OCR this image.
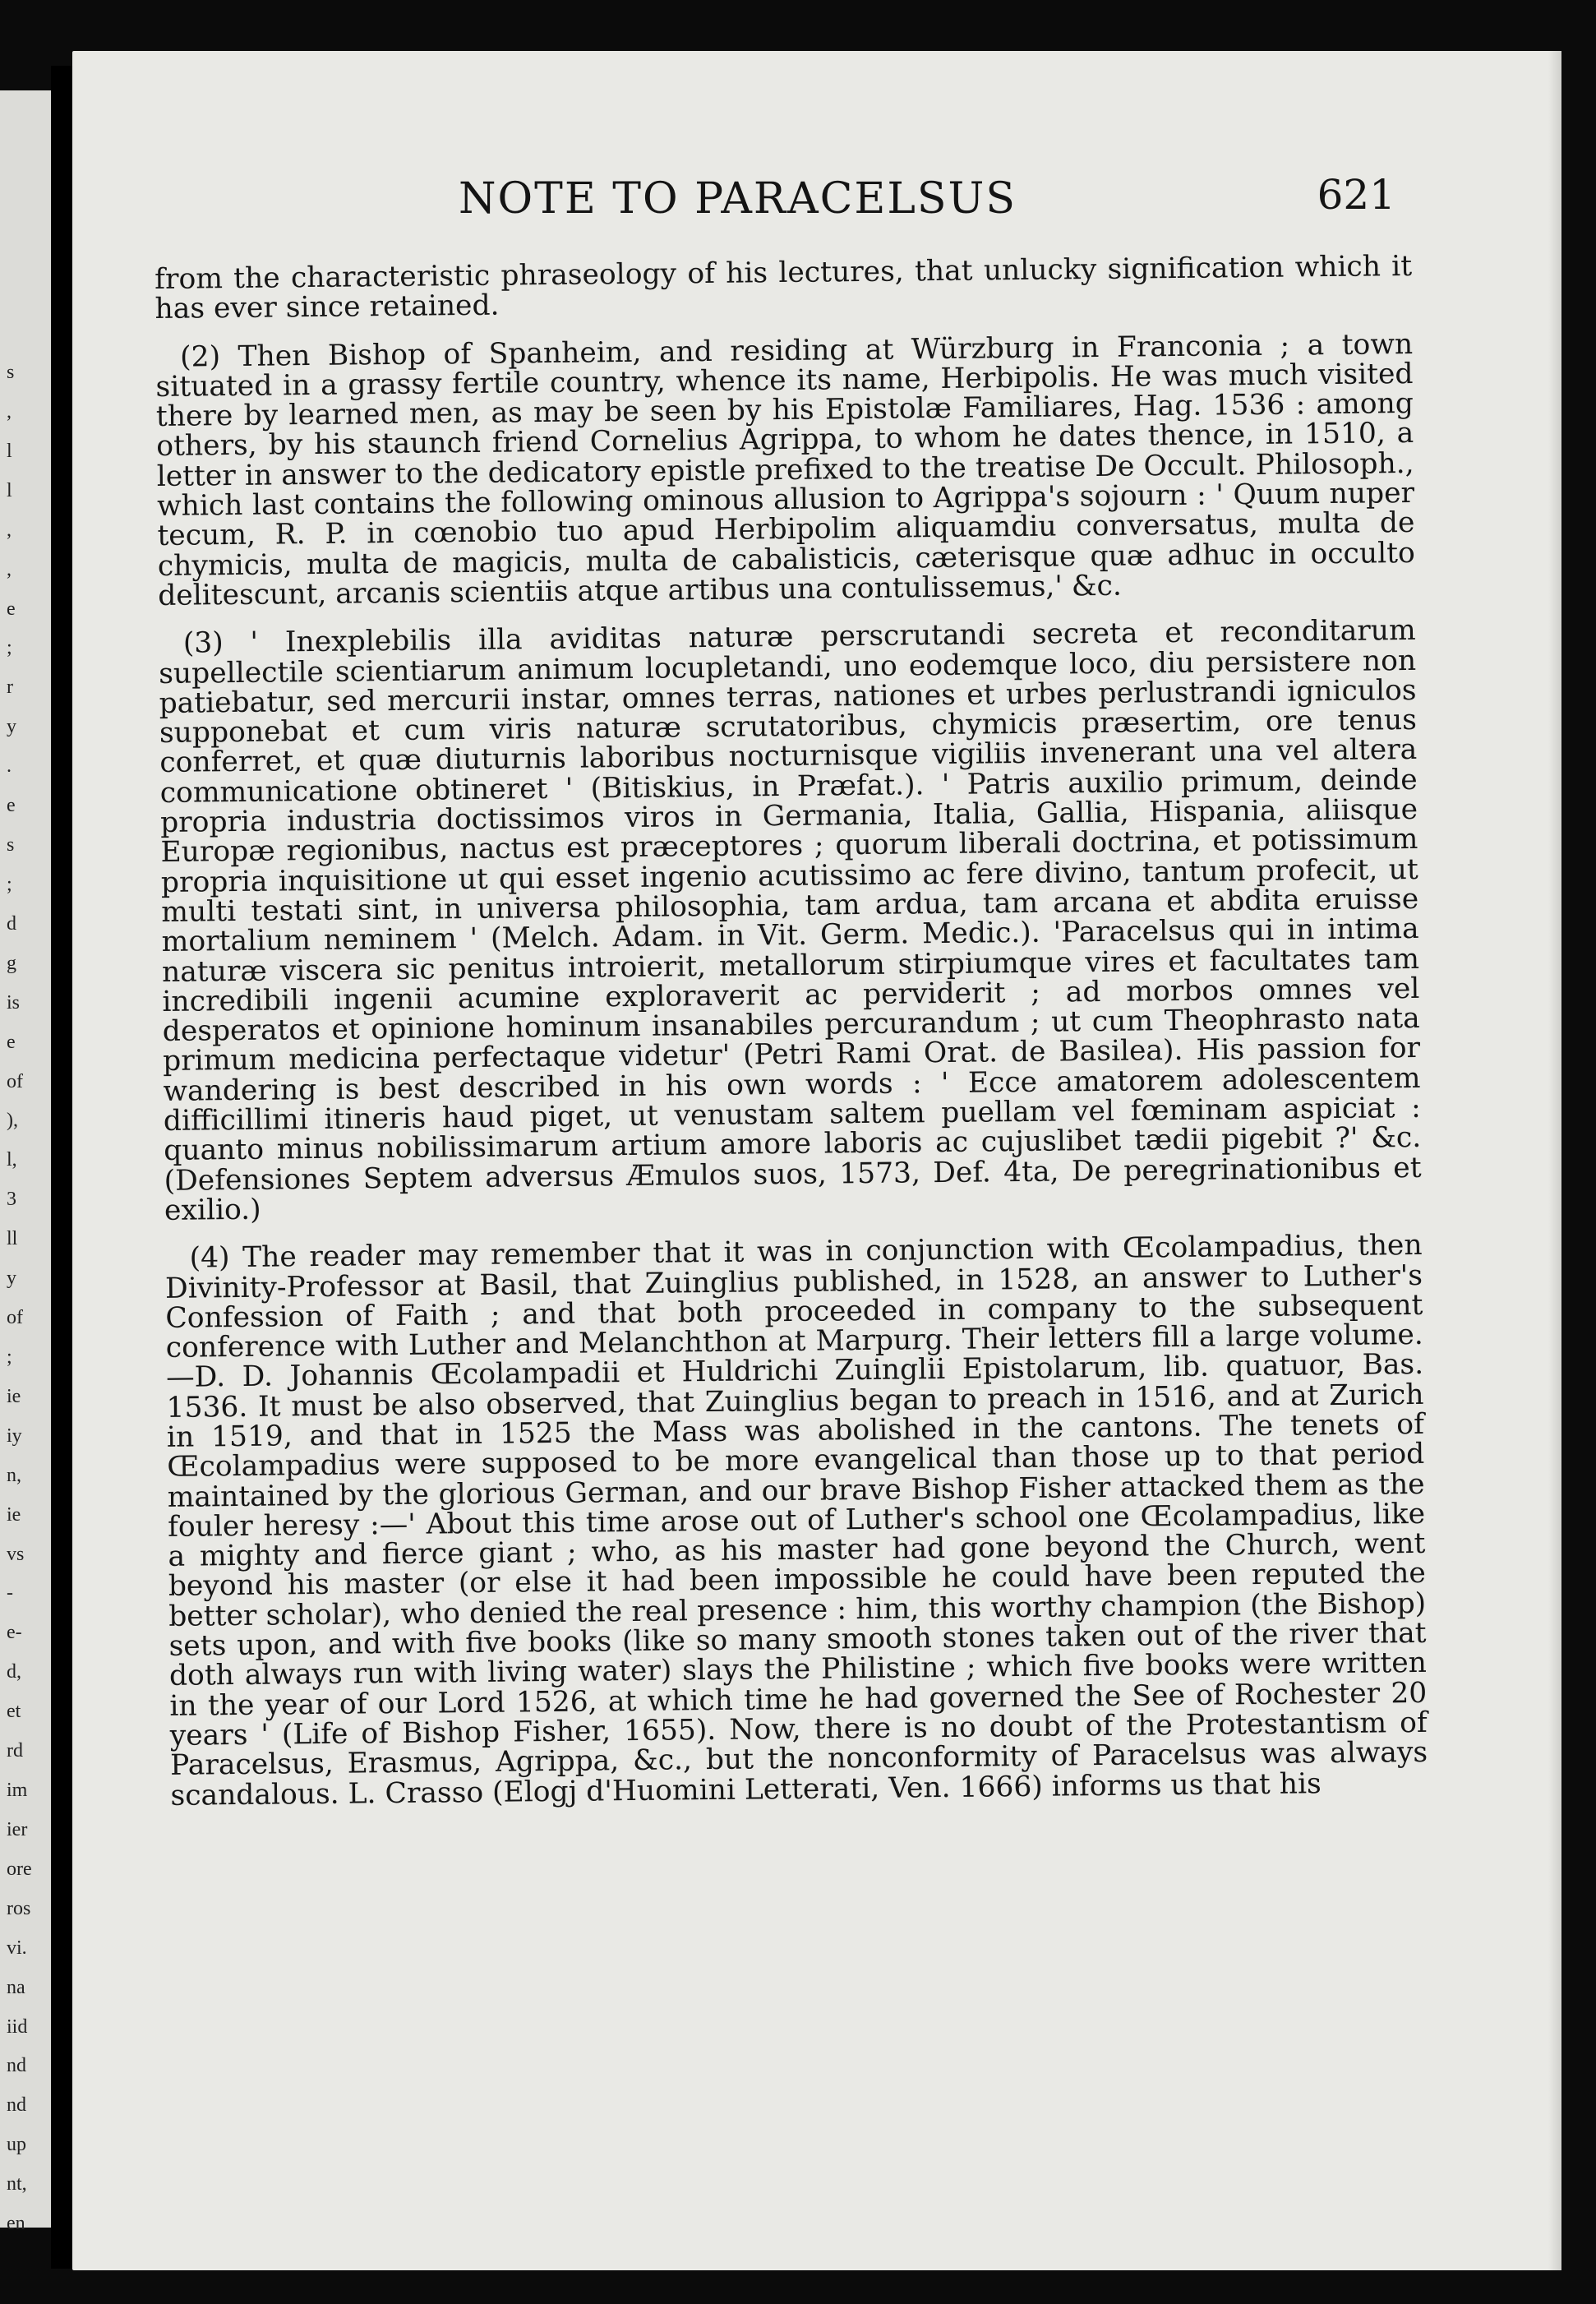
s
,
l
l
,
,
e
;
r
y
.
e
s
;
d
g
is
e
of
),
l,
3
ll
y
of
;
ie
iy
n,
ie
vs
-
e-
d,
et
rd
im
ier
ore
ros
vi.
na
iid
nd
nd
up
nt,
en
NOTE TO PARACELSUS	621

from the characteristic phraseology of his lectures, that unlucky signification which it has ever since retained.

(2) Then Bishop of Spanheim, and residing at Würzburg in Franconia ; a town situated in a grassy fertile country, whence its name, Herbipolis. He was much visited there by learned men, as may be seen by his Epistolæ Familiares, Hag. 1536 : among others, by his staunch friend Cornelius Agrippa, to whom he dates thence, in 1510, a letter in answer to the dedicatory epistle prefixed to the treatise De Occult. Philosoph., which last contains the following ominous allusion to Agrippa's sojourn : ' Quum nuper tecum, R. P. in cœnobio tuo apud Herbipolim aliquamdiu conversatus, multa de chymicis, multa de magicis, multa de cabalisticis, cæterisque quæ adhuc in occulto delitescunt, arcanis scientiis atque artibus una contulissemus,' &c.

(3) ' Inexplebilis illa aviditas naturæ perscrutandi secreta et reconditarum supellectile scientiarum animum locupletandi, uno eodemque loco, diu persistere non patiebatur, sed mercurii instar, omnes terras, nationes et urbes perlustrandi igniculos supponebat et cum viris naturæ scrutatoribus, chymicis præsertim, ore tenus conferret, et quæ diuturnis laboribus nocturnisque vigiliis invenerant una vel altera communicatione obtineret ' (Bitiskius, in Præfat.). ' Patris auxilio primum, deinde propria industria doctissimos viros in Germania, Italia, Gallia, Hispania, aliisque Europæ regionibus, nactus est præceptores ; quorum liberali doctrina, et potissimum propria inquisitione ut qui esset ingenio acutissimo ac fere divino, tantum profecit, ut multi testati sint, in universa philosophia, tam ardua, tam arcana et abdita eruisse mortalium neminem ' (Melch. Adam. in Vit. Germ. Medic.). 'Paracelsus qui in intima naturæ viscera sic penitus introierit, metallorum stirpiumque vires et facultates tam incredibili ingenii acumine exploraverit ac perviderit ; ad morbos omnes vel desperatos et opinione hominum insanabiles percurandum ; ut cum Theophrasto nata primum medicina perfectaque videtur' (Petri Rami Orat. de Basilea). His passion for wandering is best described in his own words : ' Ecce amatorem adolescentem difficillimi itineris haud piget, ut venustam saltem puellam vel fœminam aspiciat : quanto minus nobilissimarum artium amore laboris ac cujuslibet tædii pigebit ?' &c. (Defensiones Septem adversus Æmulos suos, 1573, Def. 4ta, De peregrinationibus et exilio.)

(4) The reader may remember that it was in conjunction with Œcolampadius, then Divinity-Professor at Basil, that Zuinglius published, in 1528, an answer to Luther's Confession of Faith ; and that both proceeded in company to the subsequent conference with Luther and Melanchthon at Marpurg. Their letters fill a large volume.—D. D. Johannis Œcolampadii et Huldrichi Zuinglii Epistolarum, lib. quatuor, Bas. 1536. It must be also observed, that Zuinglius began to preach in 1516, and at Zurich in 1519, and that in 1525 the Mass was abolished in the cantons. The tenets of Œcolampadius were supposed to be more evangelical than those up to that period maintained by the glorious German, and our brave Bishop Fisher attacked them as the fouler heresy :—' About this time arose out of Luther's school one Œcolampadius, like a mighty and fierce giant ; who, as his master had gone beyond the Church, went beyond his master (or else it had been impossible he could have been reputed the better scholar), who denied the real presence : him, this worthy champion (the Bishop) sets upon, and with five books (like so many smooth stones taken out of the river that doth always run with living water) slays the Philistine ; which five books were written in the year of our Lord 1526, at which time he had governed the See of Rochester 20 years ' (Life of Bishop Fisher, 1655). Now, there is no doubt of the Protestantism of Paracelsus, Erasmus, Agrippa, &c., but the nonconformity of Paracelsus was always scandalous. L. Crasso (Elogj d'Huomini Letterati, Ven. 1666) informs us that his
